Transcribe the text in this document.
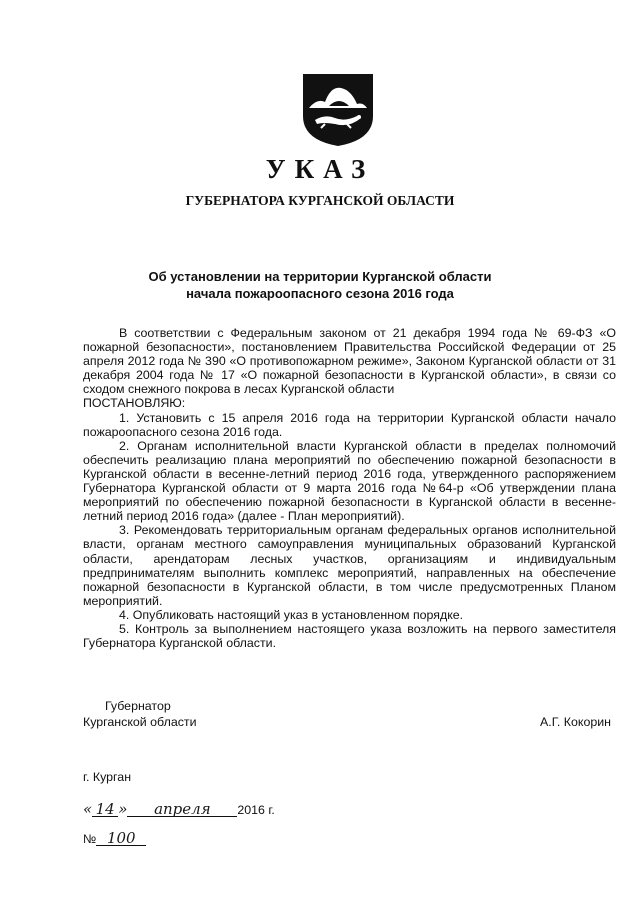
УКАЗ
ГУБЕРНАТОРА КУРГАНСКОЙ ОБЛАСТИ
Об установлении на территории Курганской области
начала пожароопасного сезона 2016 года

В соответствии с Федеральным законом от 21 декабря 1994 года № 69-ФЗ «О пожарной безопасности», постановлением Правительства Российской Федерации от 25 апреля 2012 года № 390 «О противопожарном режиме», Законом Курганской области от 31 декабря 2004 года № 17 «О пожарной безопасности в Курганской области», в связи со сходом снежного покрова в лесах Курганской области

ПОСТАНОВЛЯЮ:

1. Установить с 15 апреля 2016 года на территории Курганской области начало пожароопасного сезона 2016 года.

2. Органам исполнительной власти Курганской области в пределах полномочий обеспечить реализацию плана мероприятий по обеспечению пожарной безопасности в Курганской области в весенне-летний период 2016 года, утвержденного распоряжением Губернатора Курганской области от 9 марта 2016 года №64-р «Об утверждении плана мероприятий по обеспечению пожарной безопасности в Курганской области в весенне-летний период 2016 года» (далее - План мероприятий).

3. Рекомендовать территориальным органам федеральных органов исполнительной власти, органам местного самоуправления муниципальных образований Курганской области, арендаторам лесных участков, организациям и индивидуальным предпринимателям выполнить комплекс мероприятий, направленных на обеспечение пожарной безопасности в Курганской области, в том числе предусмотренных Планом мероприятий.

4. Опубликовать настоящий указ в установленном порядке.

5. Контроль за выполнением настоящего указа возложить на первого заместителя Губернатора Курганской области.

Губернатор
Курганской области	А.Г. Кокорин
г. Курган
« 14 » апреля 2016 г.
№ 100
